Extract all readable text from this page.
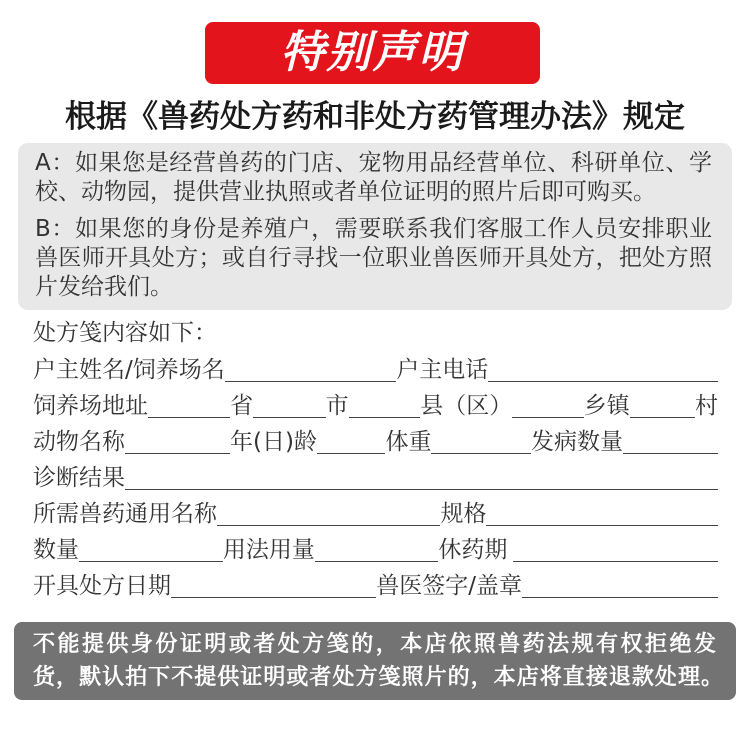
特别声明
根据《兽药处方药和非处方药管理办法》规定
A：如果您是经营兽药的门店、宠物用品经营单位、科研单位、学
校、动物园，提供营业执照或者单位证明的照片后即可购买。
B：如果您的身份是养殖户，需要联系我们客服工作人员安排职业
兽医师开具处方；或自行寻找一位职业兽医师开具处方，把处方照
片发给我们。
处方笺内容如下：
户主姓名/饲养场名	户主电话
饲养场地址	省	市	县（区）	乡镇	村
动物名称	年(日)龄	体重	发病数量
诊断结果
所需兽药通用名称	规格
数量	用法用量	休药期
开具处方日期	兽医签字/盖章
不能提供身份证明或者处方笺的，本店依照兽药法规有权拒绝发
货，默认拍下不提供证明或者处方笺照片的，本店将直接退款处理。
